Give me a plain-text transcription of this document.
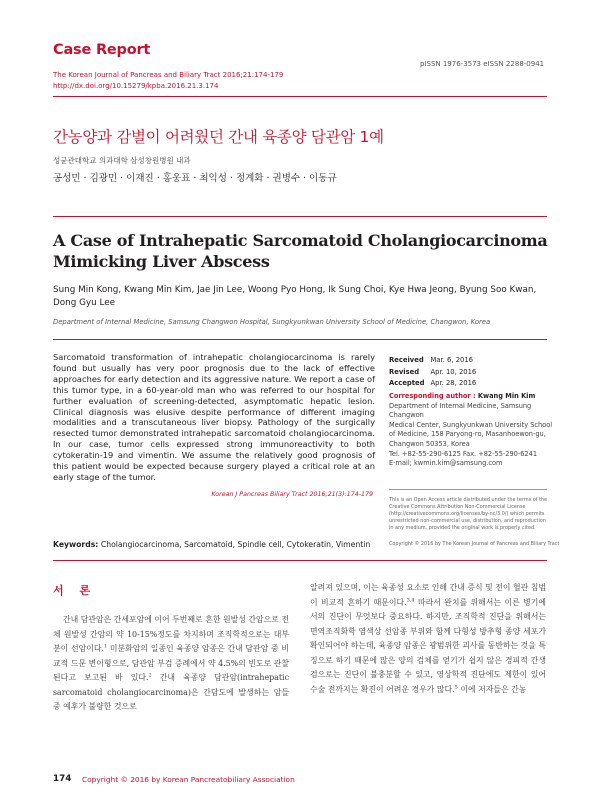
Case Report
The Korean Journal of Pancreas and Biliary Tract 2016;21:174-179
http://dx.doi.org/10.15279/kpba.2016.21.3.174
pISSN 1976-3573 eISSN 2288-0941
간농양과 감별이 어려웠던 간내 육종양 담관암 1예
성균관대학교 의과대학 삼성창원병원 내과
공성민 · 김광민 · 이재진 · 홍웅표 · 최익성 · 정계화 · 권병수 · 이동규
A Case of Intrahepatic Sarcomatoid Cholangiocarcinoma Mimicking Liver Abscess
Sung Min Kong, Kwang Min Kim, Jae Jin Lee, Woong Pyo Hong, Ik Sung Choi, Kye Hwa Jeong, Byung Soo Kwan, Dong Gyu Lee
Department of Internal Medicine, Samsung Changwon Hospital, Sungkyunkwan University School of Medicine, Changwon, Korea
Sarcomatoid transformation of intrahepatic cholangiocarcinoma is rarely found but usually has very poor prognosis due to the lack of effective approaches for early detection and its aggressive nature. We report a case of this tumor type, in a 60-year-old man who was referred to our hospital for further evaluation of screening-detected, asymptomatic hepatic lesion. Clinical diagnosis was elusive despite performance of different imaging modalities and a transcutaneous liver biopsy. Pathology of the surgically resected tumor demonstrated intrahepatic sarcomatoid cholangiocarcinoma. In our case, tumor cells expressed strong immunoreactivity to both cytokeratin-19 and vimentin. We assume the relatively good prognosis of this patient would be expected because surgery played a critical role at an early stage of the tumor.
Korean J Pancreas Biliary Tract 2016;21(3):174-179
Keywords: Cholangiocarcinoma, Sarcomatoid, Spindle cell, Cytokeratin, Vimentin
Received	Mar. 6, 2016
Revised	Apr. 10, 2016
Accepted	Apr. 28, 2016
Corresponding author : Kwang Min Kim
Department of Internal Medicine, Samsung Changwon
Medical Center, Sungkyunkwan University School
of Medicine, 158 Paryong-ro, Masanhoewon-gu,
Changwon 50353, Korea
Tel. +82-55-290-6125 Fax. +82-55-290-6241
E-mail; kwmin.kim@samsung.com
This is an Open Access article distributed under the terms of the Creative Commons Attribution Non-Commercial License (http://creativecommons.org/licenses/by-nc/3.0/) which permits unrestricted non-commercial use, distribution, and reproduction in any medium, provided the original work is properly cited.
Copyright © 2016 by The Korean Journal of Pancreas and Biliary Tract
서 론

간내 담관암은 간세포암에 이어 두번째로 흔한 원발성 간암으로 전체 원발성 간암의 약 10-15%정도를 차지하며 조직학적으로는 대부분이 선암이다.$^1$ 미분화암의 일종인 육종양 암종은 간내 담관암 중 비교적 드문 변이형으로, 담관암 부검 증례에서 약 4.5%의 빈도로 관찰된다고 보고된 바 있다.$^2$ 간내 육종양 담관암(intrahepatic sarcomatoid cholangiocarcinoma)은 간담도에 발생하는 암들 중 예후가 불량한 것으로

알려져 있으며, 이는 육종성 요소로 인해 간내 증식 및 전이 혈관 침범이 비교적 흔하기 때문이다.$^{3,4}$ 따라서 완치를 위해서는 이른 병기에서의 진단이 무엇보다 중요하다. 하지만, 조직학적 진단을 위해서는 면역조직화학 염색상 선암종 부위와 함께 다형성 방추형 종양 세포가 확인되어야 하는데, 육종양 암종은 광범위한 괴사를 동반하는 것을 특징으로 하기 때문에 많은 양의 검체를 얻기가 쉽지 않은 경피적 간생검으로는 진단이 불충분할 수 있고, 영상학적 진단에도 제한이 있어 수술 전까지는 확진이 어려운 경우가 많다.$^5$ 이에 저자들은 간농

174 Copyright © 2016 by Korean Pancreatobiliary Association
